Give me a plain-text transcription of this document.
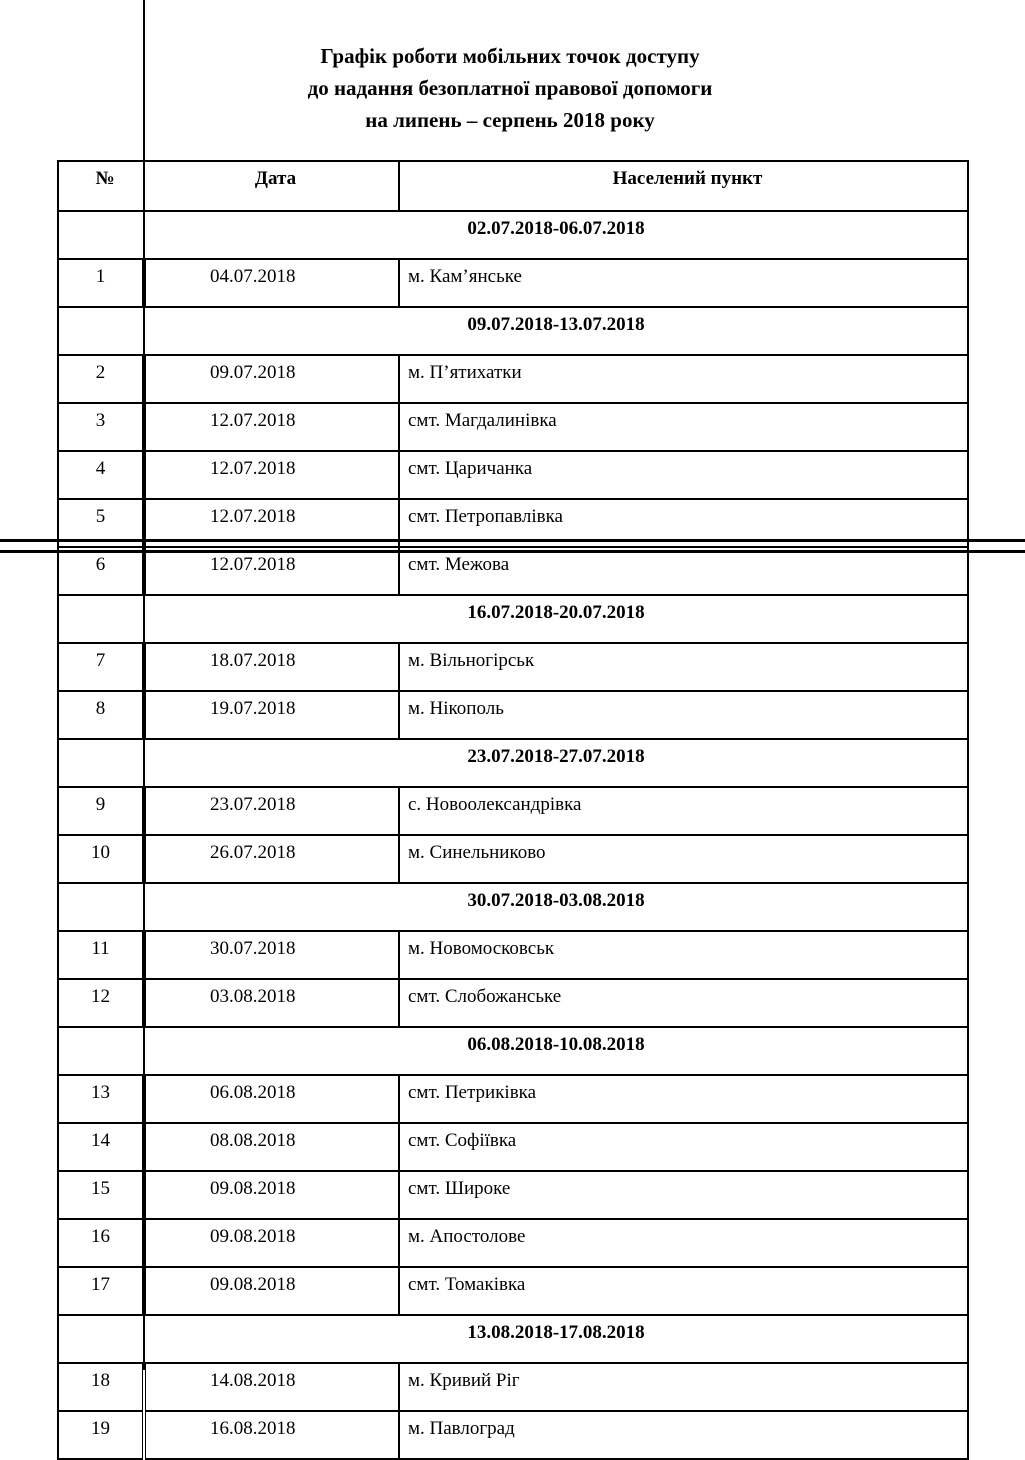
Графік роботи мобільних точок доступу
до надання безоплатної правової допомоги
на липень – серпень 2018 року
№	Дата	Населений пункт
	02.07.2018-06.07.2018	
1	04.07.2018	м. Кам’янське
	09.07.2018-13.07.2018	
2	09.07.2018	м. П’ятихатки
3	12.07.2018	смт. Магдалинівка
4	12.07.2018	смт. Царичанка
5	12.07.2018	смт. Петропавлівка
6	12.07.2018	смт. Межова
	16.07.2018-20.07.2018	
7	18.07.2018	м. Вільногірськ
8	19.07.2018	м. Нікополь
	23.07.2018-27.07.2018	
9	23.07.2018	с. Новоолександрівка
10	26.07.2018	м. Синельниково
	30.07.2018-03.08.2018	
11	30.07.2018	м. Новомосковськ
12	03.08.2018	смт. Слобожанське
	06.08.2018-10.08.2018	
13	06.08.2018	смт. Петриківка
14	08.08.2018	смт. Софіївка
15	09.08.2018	смт. Широке
16	09.08.2018	м. Апостолове
17	09.08.2018	смт. Томаківка
	13.08.2018-17.08.2018	
18	14.08.2018	м. Кривий Ріг
19	16.08.2018	м. Павлоград
